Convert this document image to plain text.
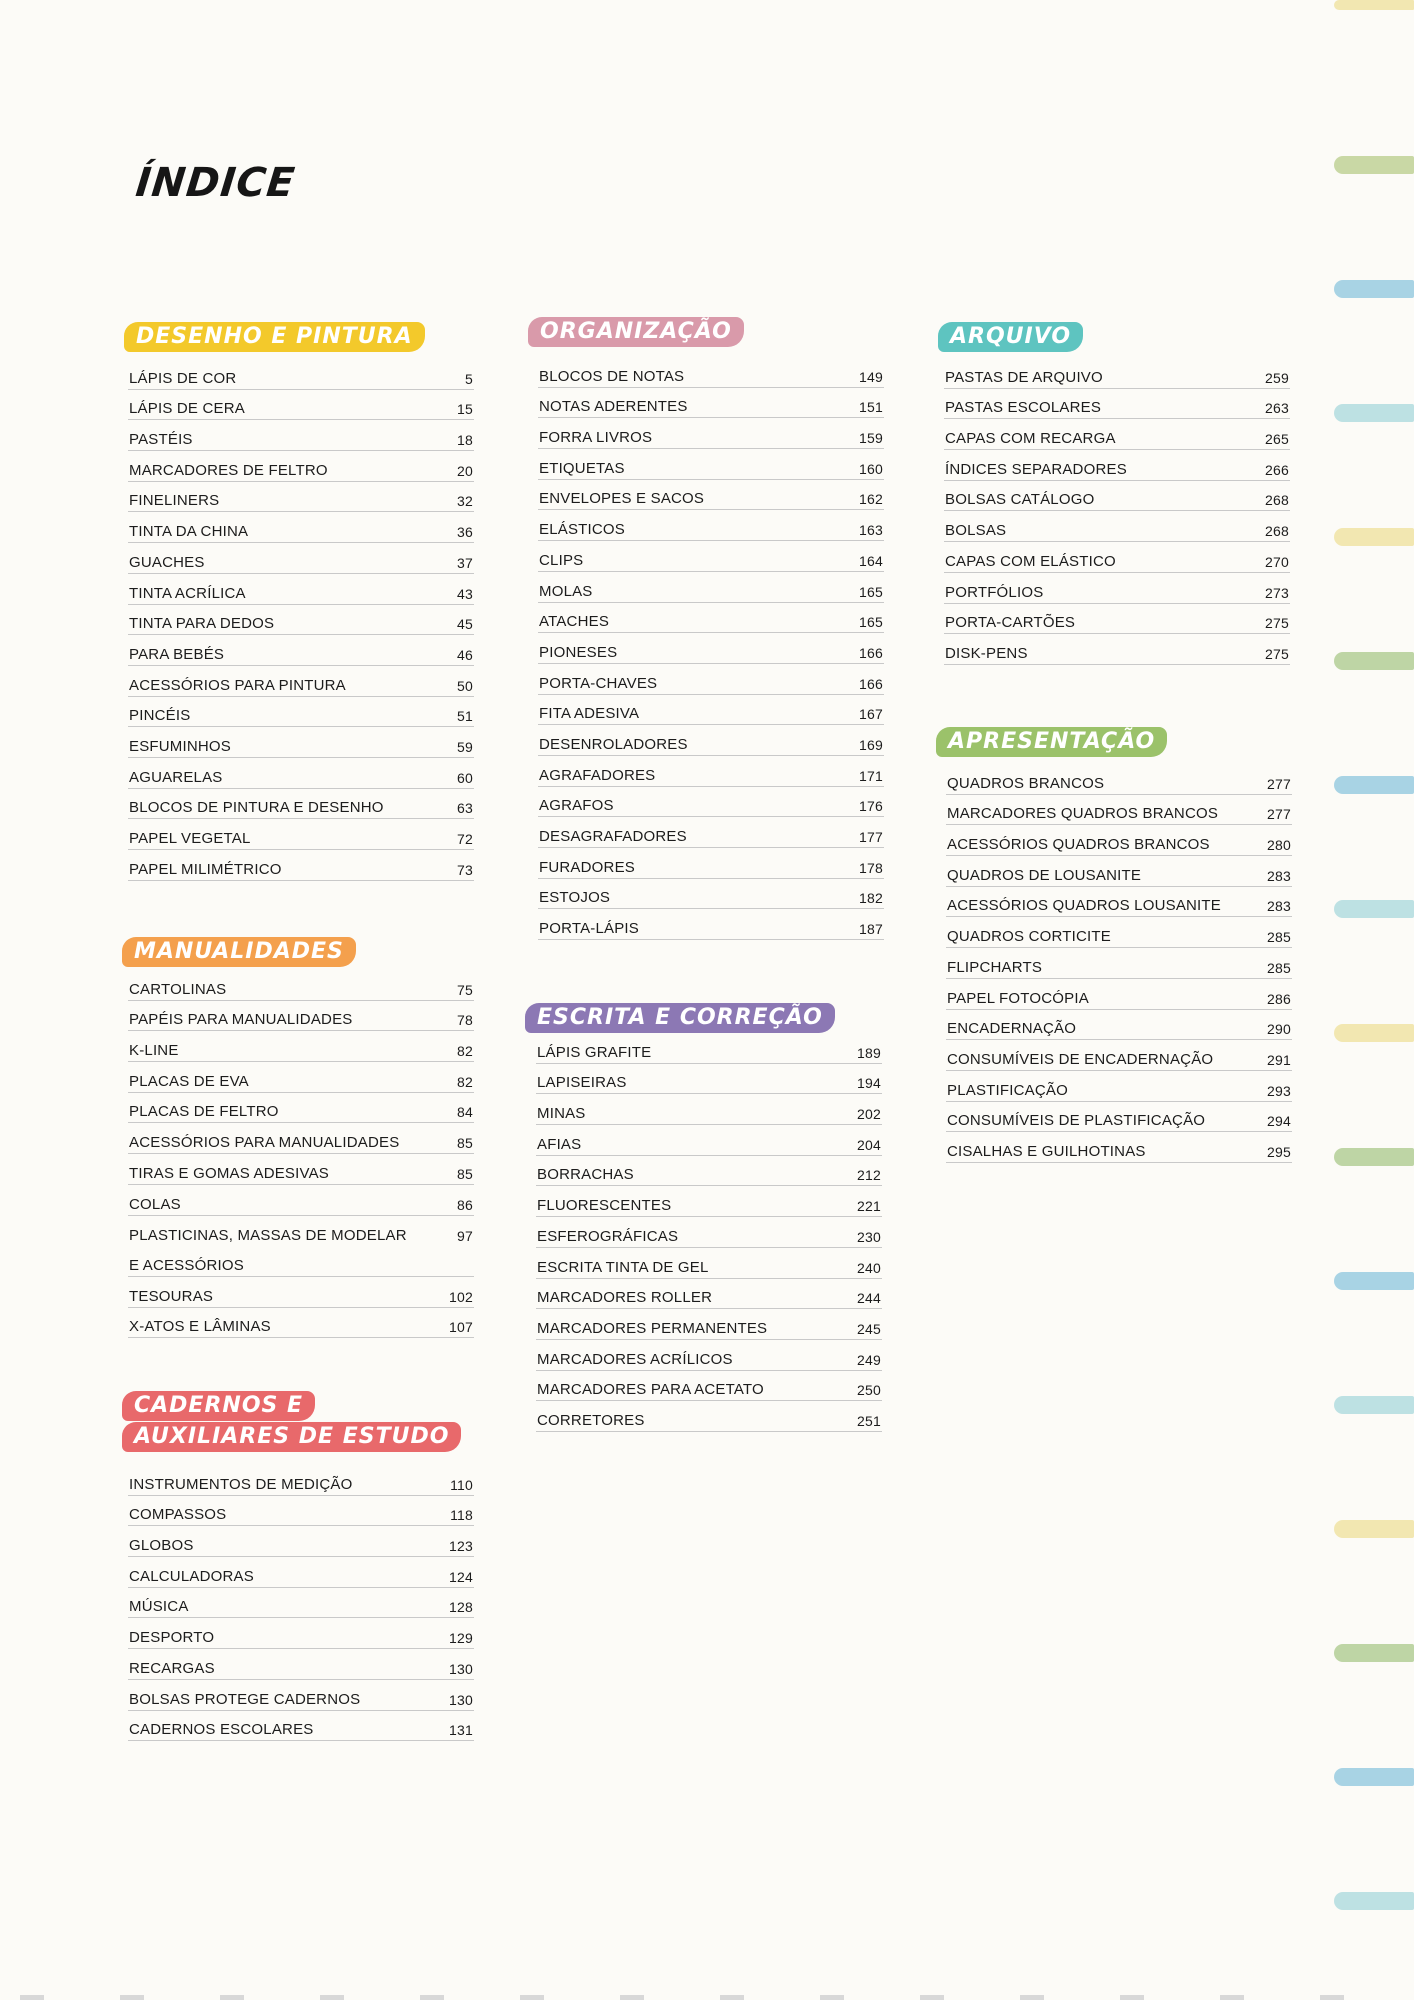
ÍNDICE
DESENHO E PINTURA
LÁPIS DE COR	5
LÁPIS DE CERA	15
PASTÉIS	18
MARCADORES DE FELTRO	20
FINELINERS	32
TINTA DA CHINA	36
GUACHES	37
TINTA ACRÍLICA	43
TINTA PARA DEDOS	45
PARA BEBÉS	46
ACESSÓRIOS PARA PINTURA	50
PINCÉIS	51
ESFUMINHOS	59
AGUARELAS	60
BLOCOS DE PINTURA E DESENHO	63
PAPEL VEGETAL	72
PAPEL MILIMÉTRICO	73
MANUALIDADES
CARTOLINAS	75
PAPÉIS PARA MANUALIDADES	78
K-LINE	82
PLACAS DE EVA	82
PLACAS DE FELTRO	84
ACESSÓRIOS PARA MANUALIDADES	85
TIRAS E GOMAS ADESIVAS	85
COLAS	86
PLASTICINAS, MASSAS DE MODELAR	97
E ACESSÓRIOS
TESOURAS	102
X-ATOS E LÂMINAS	107
CADERNOS E
AUXILIARES DE ESTUDO
INSTRUMENTOS DE MEDIÇÃO	110
COMPASSOS	118
GLOBOS	123
CALCULADORAS	124
MÚSICA	128
DESPORTO	129
RECARGAS	130
BOLSAS PROTEGE CADERNOS	130
CADERNOS ESCOLARES	131
ORGANIZAÇÃO
BLOCOS DE NOTAS	149
NOTAS ADERENTES	151
FORRA LIVROS	159
ETIQUETAS	160
ENVELOPES E SACOS	162
ELÁSTICOS	163
CLIPS	164
MOLAS	165
ATACHES	165
PIONESES	166
PORTA-CHAVES	166
FITA ADESIVA	167
DESENROLADORES	169
AGRAFADORES	171
AGRAFOS	176
DESAGRAFADORES	177
FURADORES	178
ESTOJOS	182
PORTA-LÁPIS	187
ESCRITA E CORREÇÃO
LÁPIS GRAFITE	189
LAPISEIRAS	194
MINAS	202
AFIAS	204
BORRACHAS	212
FLUORESCENTES	221
ESFEROGRÁFICAS	230
ESCRITA TINTA DE GEL	240
MARCADORES ROLLER	244
MARCADORES PERMANENTES	245
MARCADORES ACRÍLICOS	249
MARCADORES PARA ACETATO	250
CORRETORES	251
ARQUIVO
PASTAS DE ARQUIVO	259
PASTAS ESCOLARES	263
CAPAS COM RECARGA	265
ÍNDICES SEPARADORES	266
BOLSAS CATÁLOGO	268
BOLSAS	268
CAPAS COM ELÁSTICO	270
PORTFÓLIOS	273
PORTA-CARTÕES	275
DISK-PENS	275
APRESENTAÇÃO
QUADROS BRANCOS	277
MARCADORES QUADROS BRANCOS	277
ACESSÓRIOS QUADROS BRANCOS	280
QUADROS DE LOUSANITE	283
ACESSÓRIOS QUADROS LOUSANITE	283
QUADROS CORTICITE	285
FLIPCHARTS	285
PAPEL FOTOCÓPIA	286
ENCADERNAÇÃO	290
CONSUMÍVEIS DE ENCADERNAÇÃO	291
PLASTIFICAÇÃO	293
CONSUMÍVEIS DE PLASTIFICAÇÃO	294
CISALHAS E GUILHOTINAS	295
